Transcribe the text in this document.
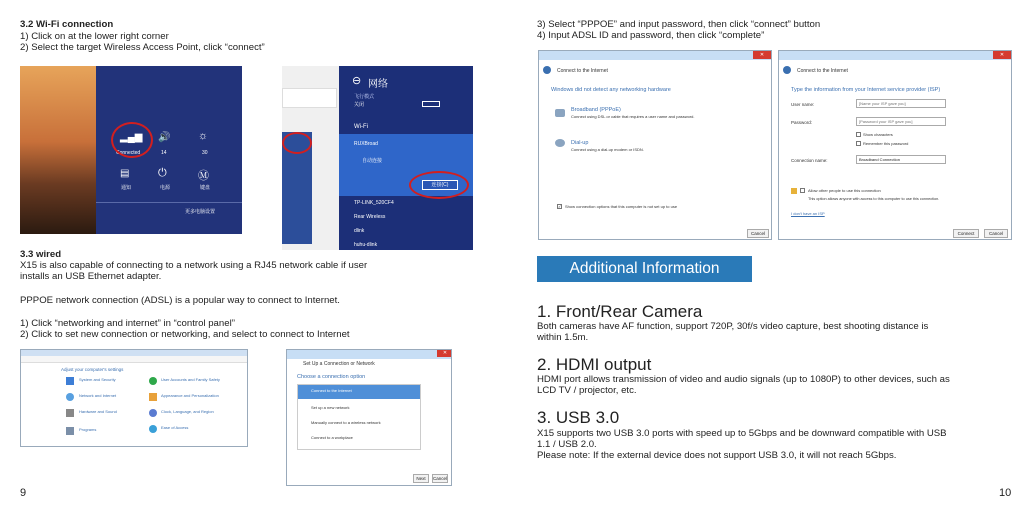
3.2 Wi-Fi connection
1) Click on at the lower right corner
2) Select the target Wireless Access Point, click “connect”
▂▄▆
Connected
🔊
14
☼
30
▤
通知
⏻
电源
Ⓜ
键盘
更多电脑设置
⊖ 网络
飞行模式
关闭
Wi-Fi
RUXBroad
自动连接
连接(C)
TP-LINK_520CF4
Rear Wireless
dlink
huhu-dlink
3.3 wired
X15 is also capable of connecting to a network using a RJ45 network cable if user
installs an USB Ethernet adapter.
PPPOE network connection (ADSL) is a popular way to connect to Internet.
1) Click “networking and internet” in “control panel”
2) Click to set new connection or networking, and select to connect to Internet
Adjust your computer's settings
System and Security	User Accounts and Family Safety
Network and Internet	Appearance and Personalization
Hardware and Sound	Clock, Language, and Region
Programs	Ease of Access
✕
Set Up a Connection or Network
Choose a connection option
Connect to the Internet
Set up a new network
Manually connect to a wireless network
Connect to a workplace
Next	Cancel
9
3) Select “PPPOE” and input password, then click “connect” button
4) Input ADSL ID and password, then click “complete”
✕
Connect to the Internet
Windows did not detect any networking hardware
Broadband (PPPoE)
Connect using DSL or cable that requires a user name and password.
Dial-up
Connect using a dial-up modem or ISDN.
✓ Show connection options that this computer is not set up to use
Cancel
✕
Connect to the Internet
Type the information from your Internet service provider (ISP)
User name:
[Name your ISP gave you]
Password:
[Password your ISP gave you]
Show characters
Remember this password
Connection name:	Broadband Connection
Allow other people to use this connection
This option allows anyone with access to this computer to use this connection.
I don't have an ISP
Connect	Cancel
Additional Information
1. Front/Rear Camera
Both cameras have AF function, support 720P, 30f/s video capture, best shooting distance is
within 1.5m.
2. HDMI output
HDMI port allows transmission of video and audio signals (up to 1080P) to other devices, such as
LCD TV / projector, etc.
3. USB 3.0
X15 supports two USB 3.0 ports with speed up to 5Gbps and be downward compatible with USB
1.1 / USB 2.0.
Please note: If the external device does not support USB 3.0, it will not reach 5Gbps.
10
